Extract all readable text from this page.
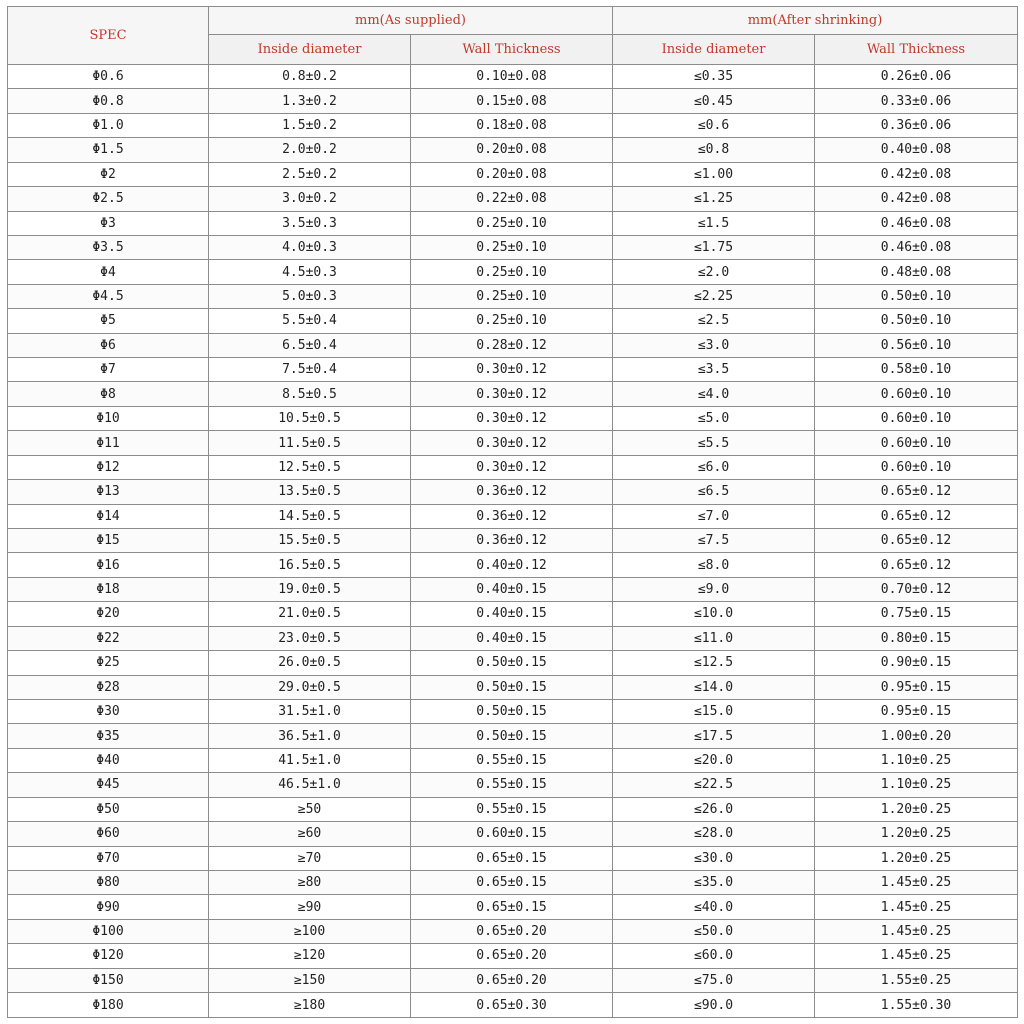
SPEC	mm(As supplied)		mm(After shrinking)	
	Inside diameter	Wall Thickness	Inside diameter	Wall Thickness
Φ0.6	0.8±0.2	0.10±0.08	≤0.35	0.26±0.06
Φ0.8	1.3±0.2	0.15±0.08	≤0.45	0.33±0.06
Φ1.0	1.5±0.2	0.18±0.08	≤0.6	0.36±0.06
Φ1.5	2.0±0.2	0.20±0.08	≤0.8	0.40±0.08
Φ2	2.5±0.2	0.20±0.08	≤1.00	0.42±0.08
Φ2.5	3.0±0.2	0.22±0.08	≤1.25	0.42±0.08
Φ3	3.5±0.3	0.25±0.10	≤1.5	0.46±0.08
Φ3.5	4.0±0.3	0.25±0.10	≤1.75	0.46±0.08
Φ4	4.5±0.3	0.25±0.10	≤2.0	0.48±0.08
Φ4.5	5.0±0.3	0.25±0.10	≤2.25	0.50±0.10
Φ5	5.5±0.4	0.25±0.10	≤2.5	0.50±0.10
Φ6	6.5±0.4	0.28±0.12	≤3.0	0.56±0.10
Φ7	7.5±0.4	0.30±0.12	≤3.5	0.58±0.10
Φ8	8.5±0.5	0.30±0.12	≤4.0	0.60±0.10
Φ10	10.5±0.5	0.30±0.12	≤5.0	0.60±0.10
Φ11	11.5±0.5	0.30±0.12	≤5.5	0.60±0.10
Φ12	12.5±0.5	0.30±0.12	≤6.0	0.60±0.10
Φ13	13.5±0.5	0.36±0.12	≤6.5	0.65±0.12
Φ14	14.5±0.5	0.36±0.12	≤7.0	0.65±0.12
Φ15	15.5±0.5	0.36±0.12	≤7.5	0.65±0.12
Φ16	16.5±0.5	0.40±0.12	≤8.0	0.65±0.12
Φ18	19.0±0.5	0.40±0.15	≤9.0	0.70±0.12
Φ20	21.0±0.5	0.40±0.15	≤10.0	0.75±0.15
Φ22	23.0±0.5	0.40±0.15	≤11.0	0.80±0.15
Φ25	26.0±0.5	0.50±0.15	≤12.5	0.90±0.15
Φ28	29.0±0.5	0.50±0.15	≤14.0	0.95±0.15
Φ30	31.5±1.0	0.50±0.15	≤15.0	0.95±0.15
Φ35	36.5±1.0	0.50±0.15	≤17.5	1.00±0.20
Φ40	41.5±1.0	0.55±0.15	≤20.0	1.10±0.25
Φ45	46.5±1.0	0.55±0.15	≤22.5	1.10±0.25
Φ50	≥50	0.55±0.15	≤26.0	1.20±0.25
Φ60	≥60	0.60±0.15	≤28.0	1.20±0.25
Φ70	≥70	0.65±0.15	≤30.0	1.20±0.25
Φ80	≥80	0.65±0.15	≤35.0	1.45±0.25
Φ90	≥90	0.65±0.15	≤40.0	1.45±0.25
Φ100	≥100	0.65±0.20	≤50.0	1.45±0.25
Φ120	≥120	0.65±0.20	≤60.0	1.45±0.25
Φ150	≥150	0.65±0.20	≤75.0	1.55±0.25
Φ180	≥180	0.65±0.30	≤90.0	1.55±0.30
